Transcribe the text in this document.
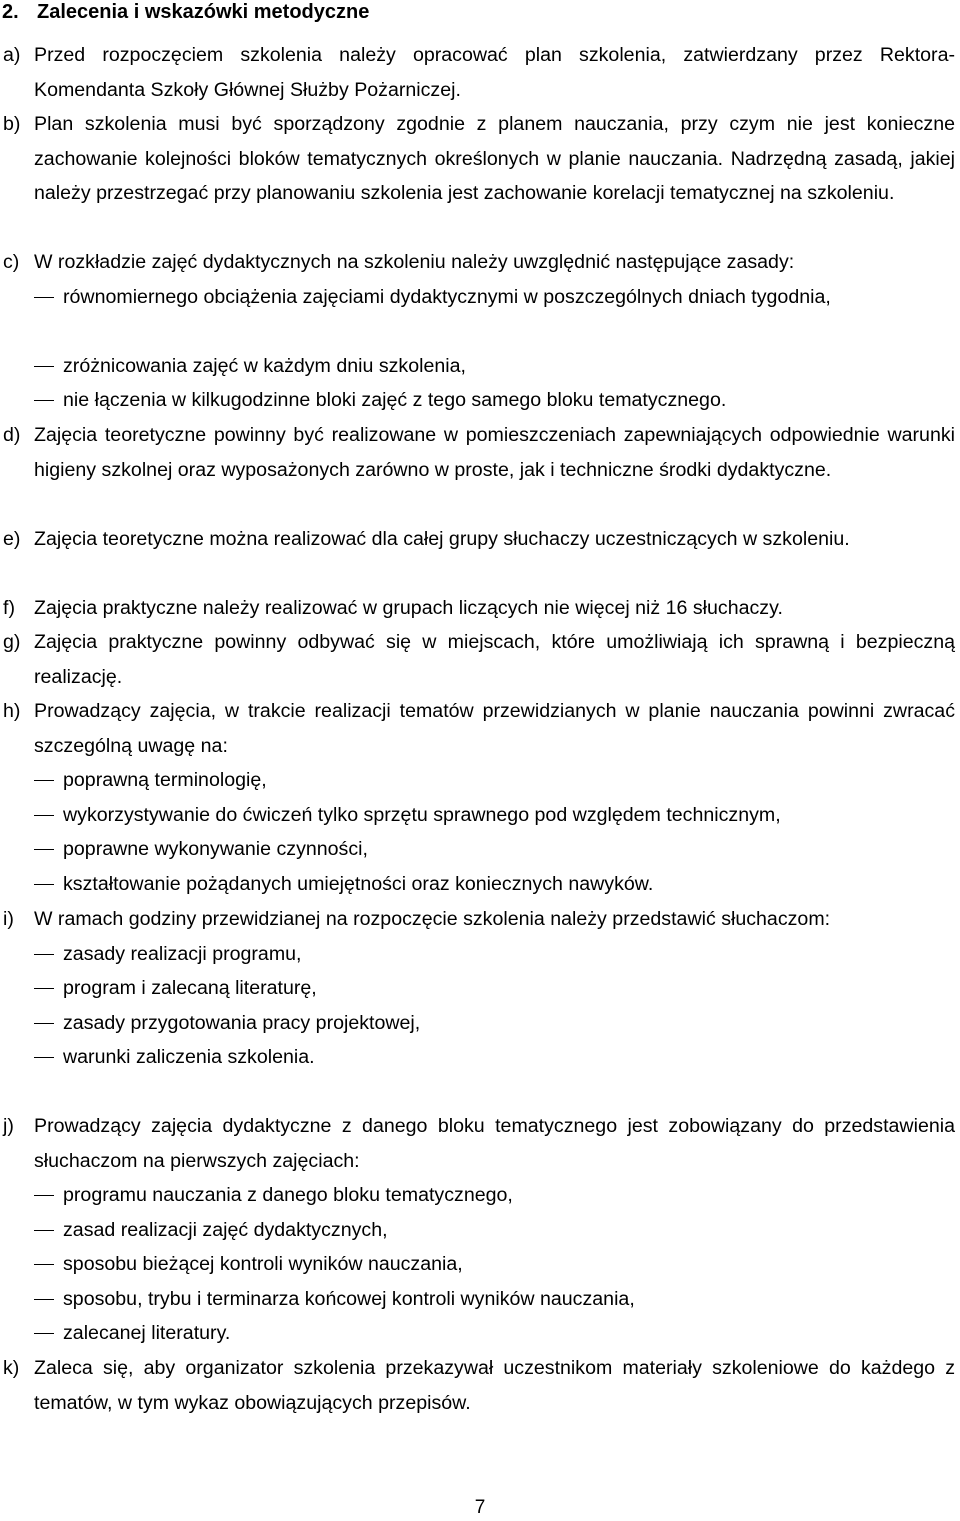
2. Zalecenia i wskazówki metodyczne
a) Przed rozpoczęciem szkolenia należy opracować plan szkolenia, zatwierdzany przez Rektora-Komendanta Szkoły Głównej Służby Pożarniczej.

b) Plan szkolenia musi być sporządzony zgodnie z planem nauczania, przy czym nie jest konieczne zachowanie kolejności bloków tematycznych określonych w planie nauczania. Nadrzędną zasadą, jakiej należy przestrzegać przy planowaniu szkolenia jest zachowanie korelacji tematycznej na szkoleniu.

c) W rozkładzie zajęć dydaktycznych na szkoleniu należy uwzględnić następujące zasady:

równomiernego obciążenia zajęciami dydaktycznymi w poszczególnych dniach tygodnia,
zróżnicowania zajęć w każdym dniu szkolenia,
nie łączenia w kilkugodzinne bloki zajęć z tego samego bloku tematycznego.
d) Zajęcia teoretyczne powinny być realizowane w pomieszczeniach zapewniających odpowiednie warunki higieny szkolnej oraz wyposażonych zarówno w proste, jak i techniczne środki dydaktyczne.

e) Zajęcia teoretyczne można realizować dla całej grupy słuchaczy uczestniczących w szkoleniu.

f) Zajęcia praktyczne należy realizować w grupach liczących nie więcej niż 16 słuchaczy.

g) Zajęcia praktyczne powinny odbywać się w miejscach, które umożliwiają ich sprawną i bezpieczną realizację.

h) Prowadzący zajęcia, w trakcie realizacji tematów przewidzianych w planie nauczania powinni zwracać szczególną uwagę na:

poprawną terminologię,
wykorzystywanie do ćwiczeń tylko sprzętu sprawnego pod względem technicznym,
poprawne wykonywanie czynności,
kształtowanie pożądanych umiejętności oraz koniecznych nawyków.
i) W ramach godziny przewidzianej na rozpoczęcie szkolenia należy przedstawić słuchaczom:

zasady realizacji programu,
program i zalecaną literaturę,
zasady przygotowania pracy projektowej,
warunki zaliczenia szkolenia.
j) Prowadzący zajęcia dydaktyczne z danego bloku tematycznego jest zobowiązany do przedstawienia słuchaczom na pierwszych zajęciach:

programu nauczania z danego bloku tematycznego,
zasad realizacji zajęć dydaktycznych,
sposobu bieżącej kontroli wyników nauczania,
sposobu, trybu i terminarza końcowej kontroli wyników nauczania,
zalecanej literatury.
k) Zaleca się, aby organizator szkolenia przekazywał uczestnikom materiały szkoleniowe do każdego z tematów, w tym wykaz obowiązujących przepisów.

7
